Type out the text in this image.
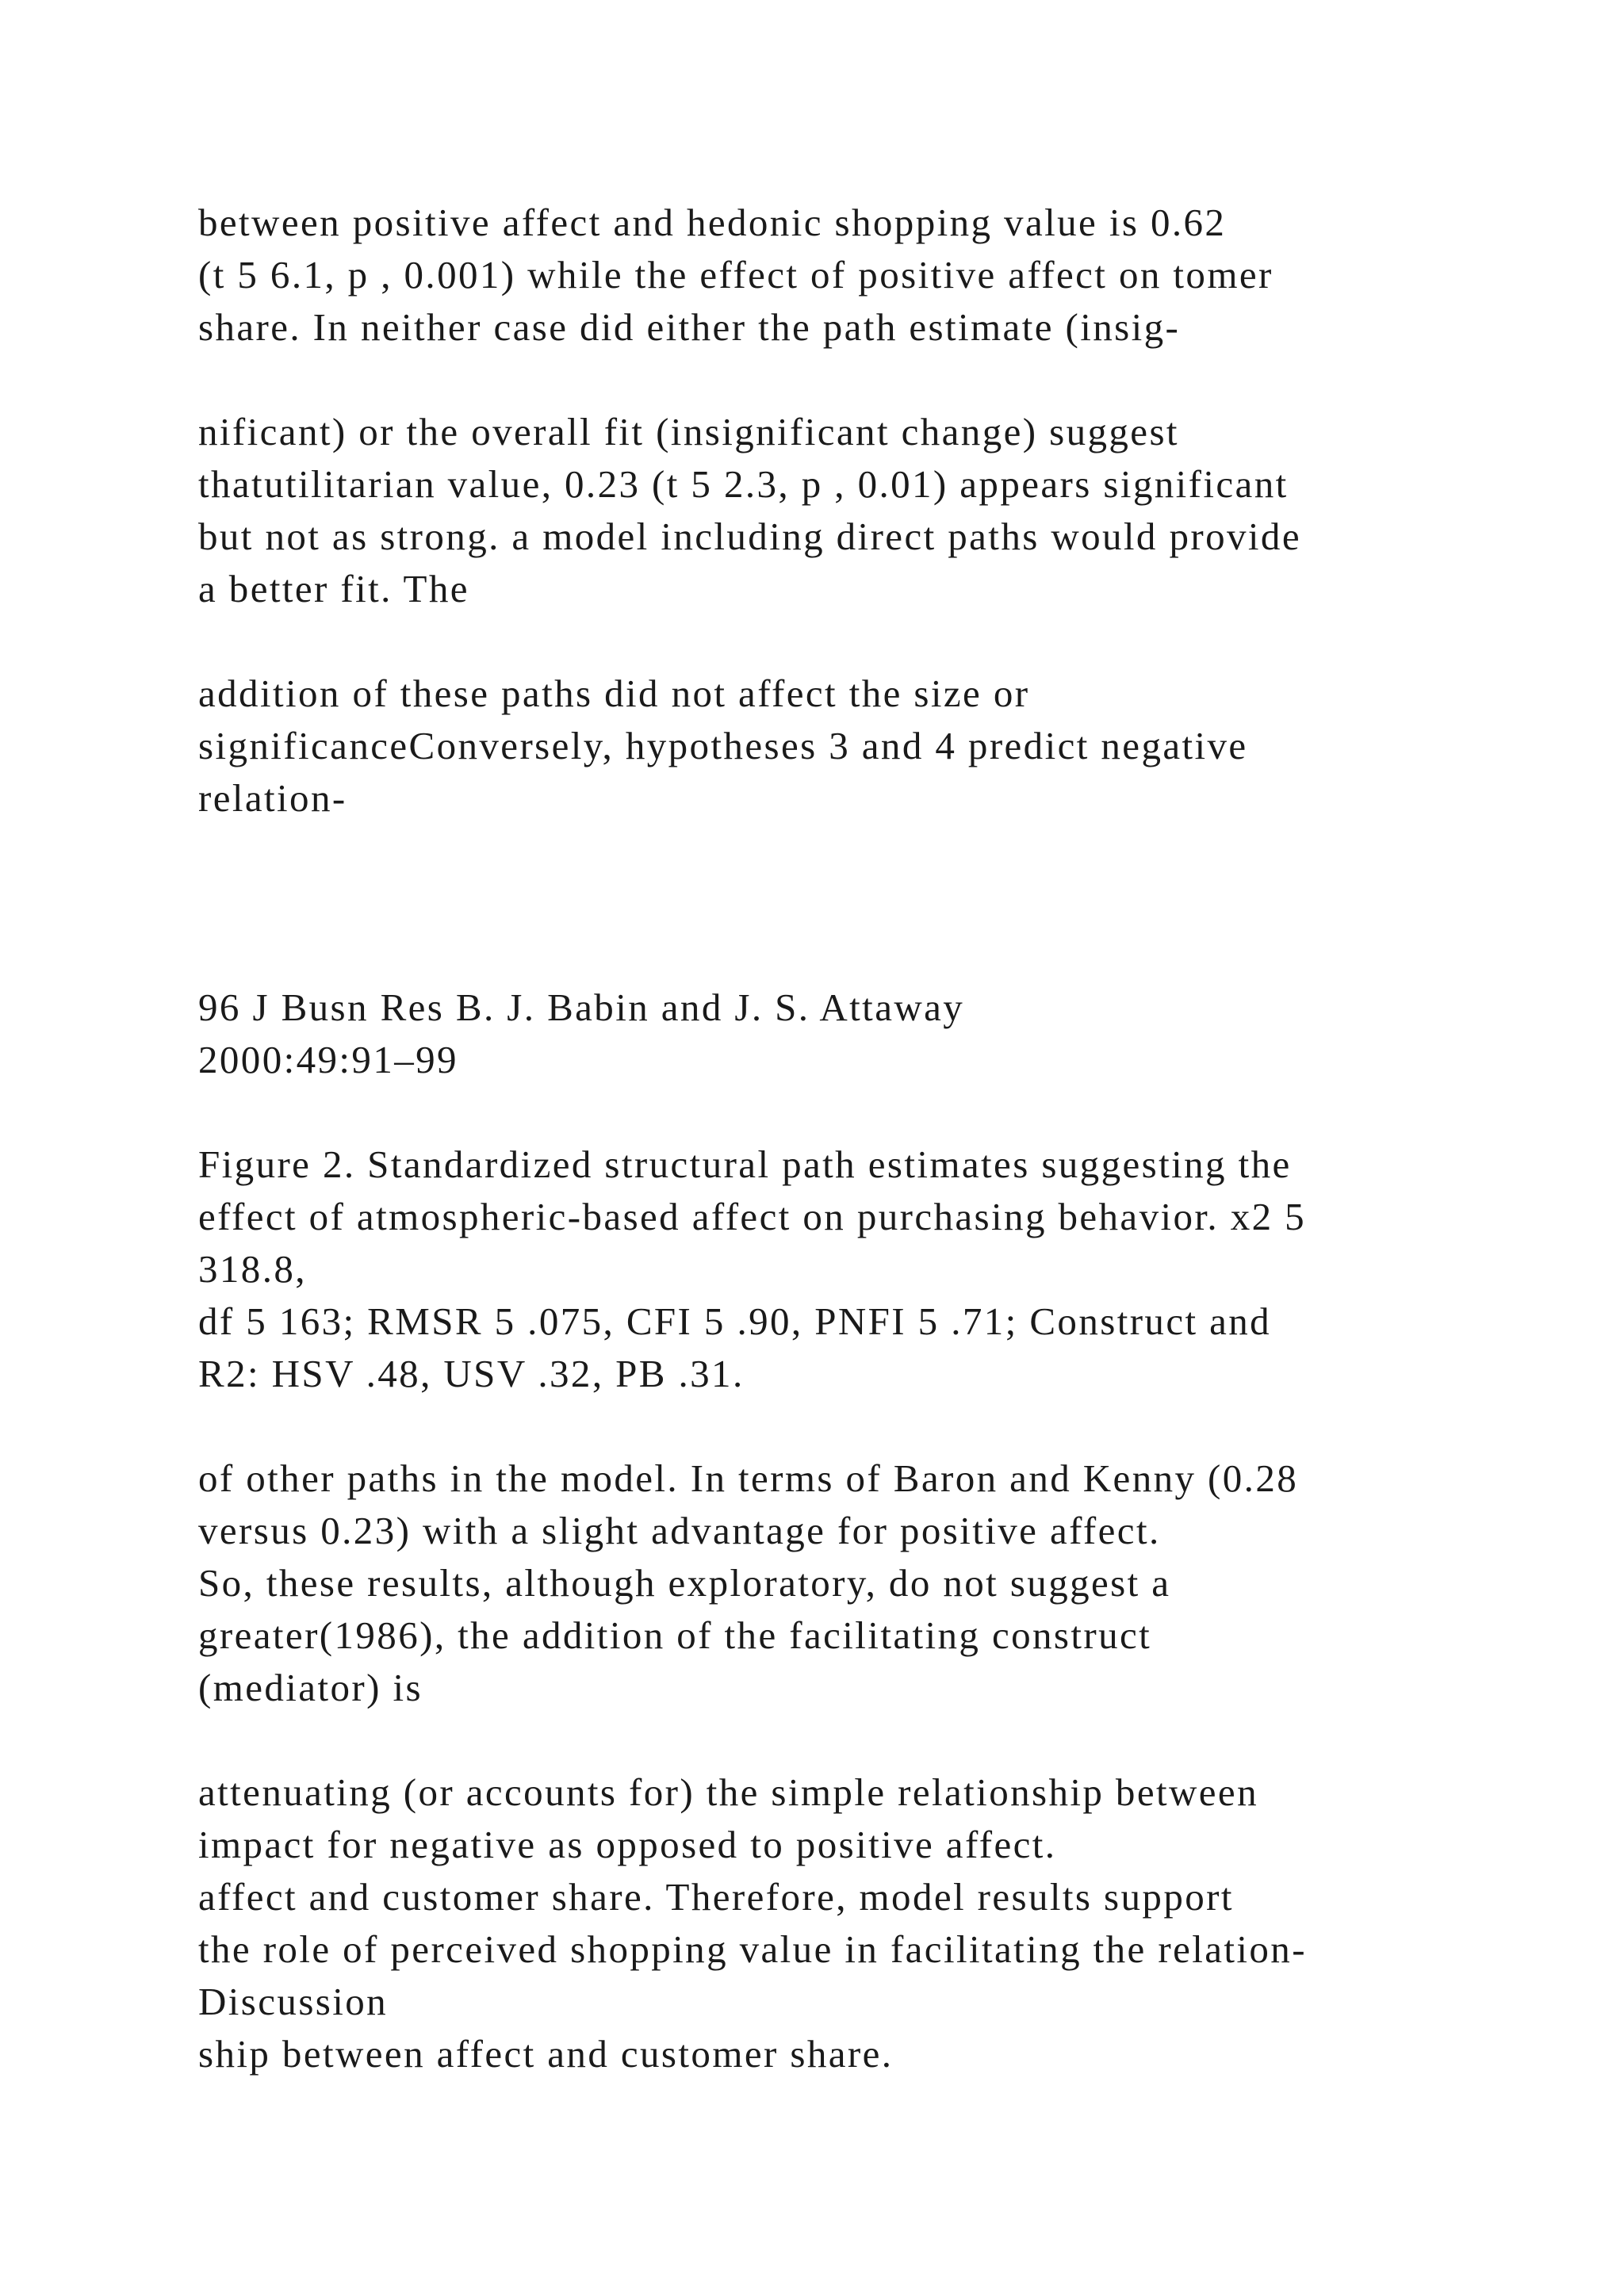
between positive affect and hedonic shopping value is 0.62
(t 5 6.1, p , 0.001) while the effect of positive affect on tomer
share. In neither case did either the path estimate (insig-
nificant) or the overall fit (insignificant change) suggest
thatutilitarian value, 0.23 (t 5 2.3, p , 0.01) appears significant
but not as strong. a model including direct paths would provide
a better fit. The
addition of these paths did not affect the size or
significanceConversely, hypotheses 3 and 4 predict negative
relation-
96 J Busn Res B. J. Babin and J. S. Attaway
2000:49:91–99
Figure 2. Standardized structural path estimates suggesting the
effect of atmospheric-based affect on purchasing behavior. x2 5
318.8,
df 5 163; RMSR 5 .075, CFI 5 .90, PNFI 5 .71; Construct and
R2: HSV .48, USV .32, PB .31.
of other paths in the model. In terms of Baron and Kenny (0.28
versus 0.23) with a slight advantage for positive affect.
So, these results, although exploratory, do not suggest a
greater(1986), the addition of the facilitating construct
(mediator) is
attenuating (or accounts for) the simple relationship between
impact for negative as opposed to positive affect.
affect and customer share. Therefore, model results support
the role of perceived shopping value in facilitating the relation-
Discussion
ship between affect and customer share.
